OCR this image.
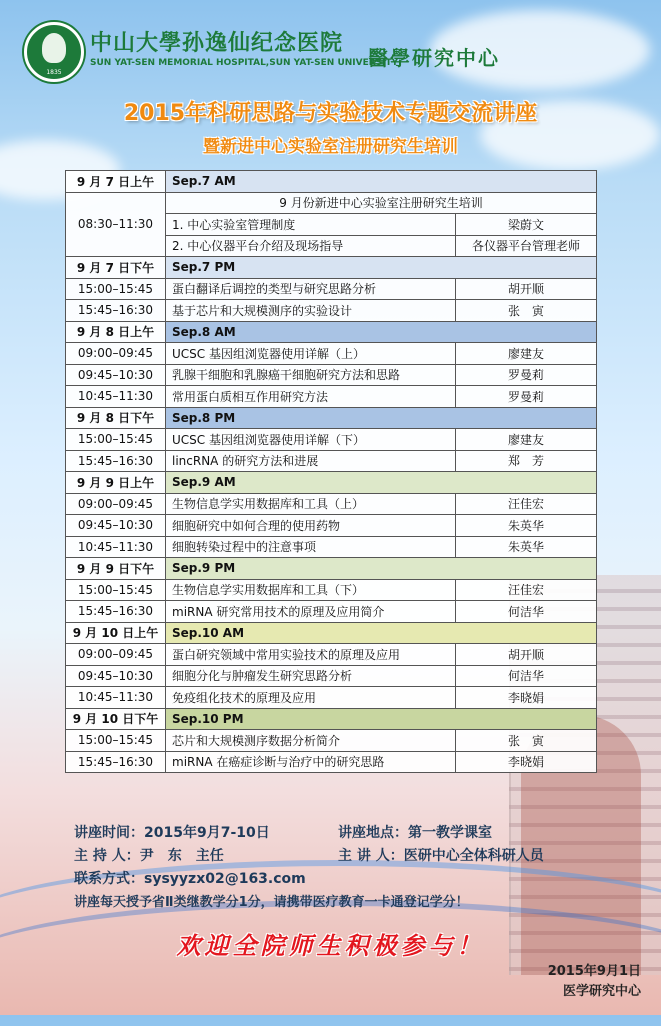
1835
中山大學孙逸仙纪念医院
SUN YAT-SEN MEMORIAL HOSPITAL,SUN YAT-SEN UNIVERSITY
醫學研究中心
2015年科研思路与实验技术专题交流讲座
暨新进中心实验室注册研究生培训
9 月 7 日上午	Sep.7 AM	
08:30–11:30	9 月份新进中心实验室注册研究生培训	
	1. 中心实验室管理制度	梁蔚文
	2. 中心仪器平台介绍及现场指导	各仪器平台管理老师
9 月 7 日下午	Sep.7 PM	
15:00–15:45	蛋白翻译后调控的类型与研究思路分析	胡开顺
15:45–16:30	基于芯片和大规模测序的实验设计	张　寅
9 月 8 日上午	Sep.8 AM	
09:00–09:45	UCSC 基因组浏览器使用详解（上）	廖建友
09:45–10:30	乳腺干细胞和乳腺癌干细胞研究方法和思路	罗曼莉
10:45–11:30	常用蛋白质相互作用研究方法	罗曼莉
9 月 8 日下午	Sep.8 PM	
15:00–15:45	UCSC 基因组浏览器使用详解（下）	廖建友
15:45–16:30	lincRNA 的研究方法和进展	郑　芳
9 月 9 日上午	Sep.9 AM	
09:00–09:45	生物信息学实用数据库和工具（上）	汪佳宏
09:45–10:30	细胞研究中如何合理的使用药物	朱英华
10:45–11:30	细胞转染过程中的注意事项	朱英华
9 月 9 日下午	Sep.9 PM	
15:00–15:45	生物信息学实用数据库和工具（下）	汪佳宏
15:45–16:30	miRNA 研究常用技术的原理及应用简介	何洁华
9 月 10 日上午	Sep.10 AM	
09:00–09:45	蛋白研究领域中常用实验技术的原理及应用	胡开顺
09:45–10:30	细胞分化与肿瘤发生研究思路分析	何洁华
10:45–11:30	免疫组化技术的原理及应用	李晓娟
9 月 10 日下午	Sep.10 PM	
15:00–15:45	芯片和大规模测序数据分析简介	张　寅
15:45–16:30	miRNA 在癌症诊断与治疗中的研究思路	李晓娟
讲座时间：2015年9月7-10日	讲座地点：第一教学课室
主 持 人：尹　东　主任	主 讲 人：医研中心全体科研人员
联系方式：sysyyzx02@163.com
讲座每天授予省Ⅱ类继教学分1分，请携带医疗教育一卡通登记学分！
欢迎全院师生积极参与！
2015年9月1日
医学研究中心
